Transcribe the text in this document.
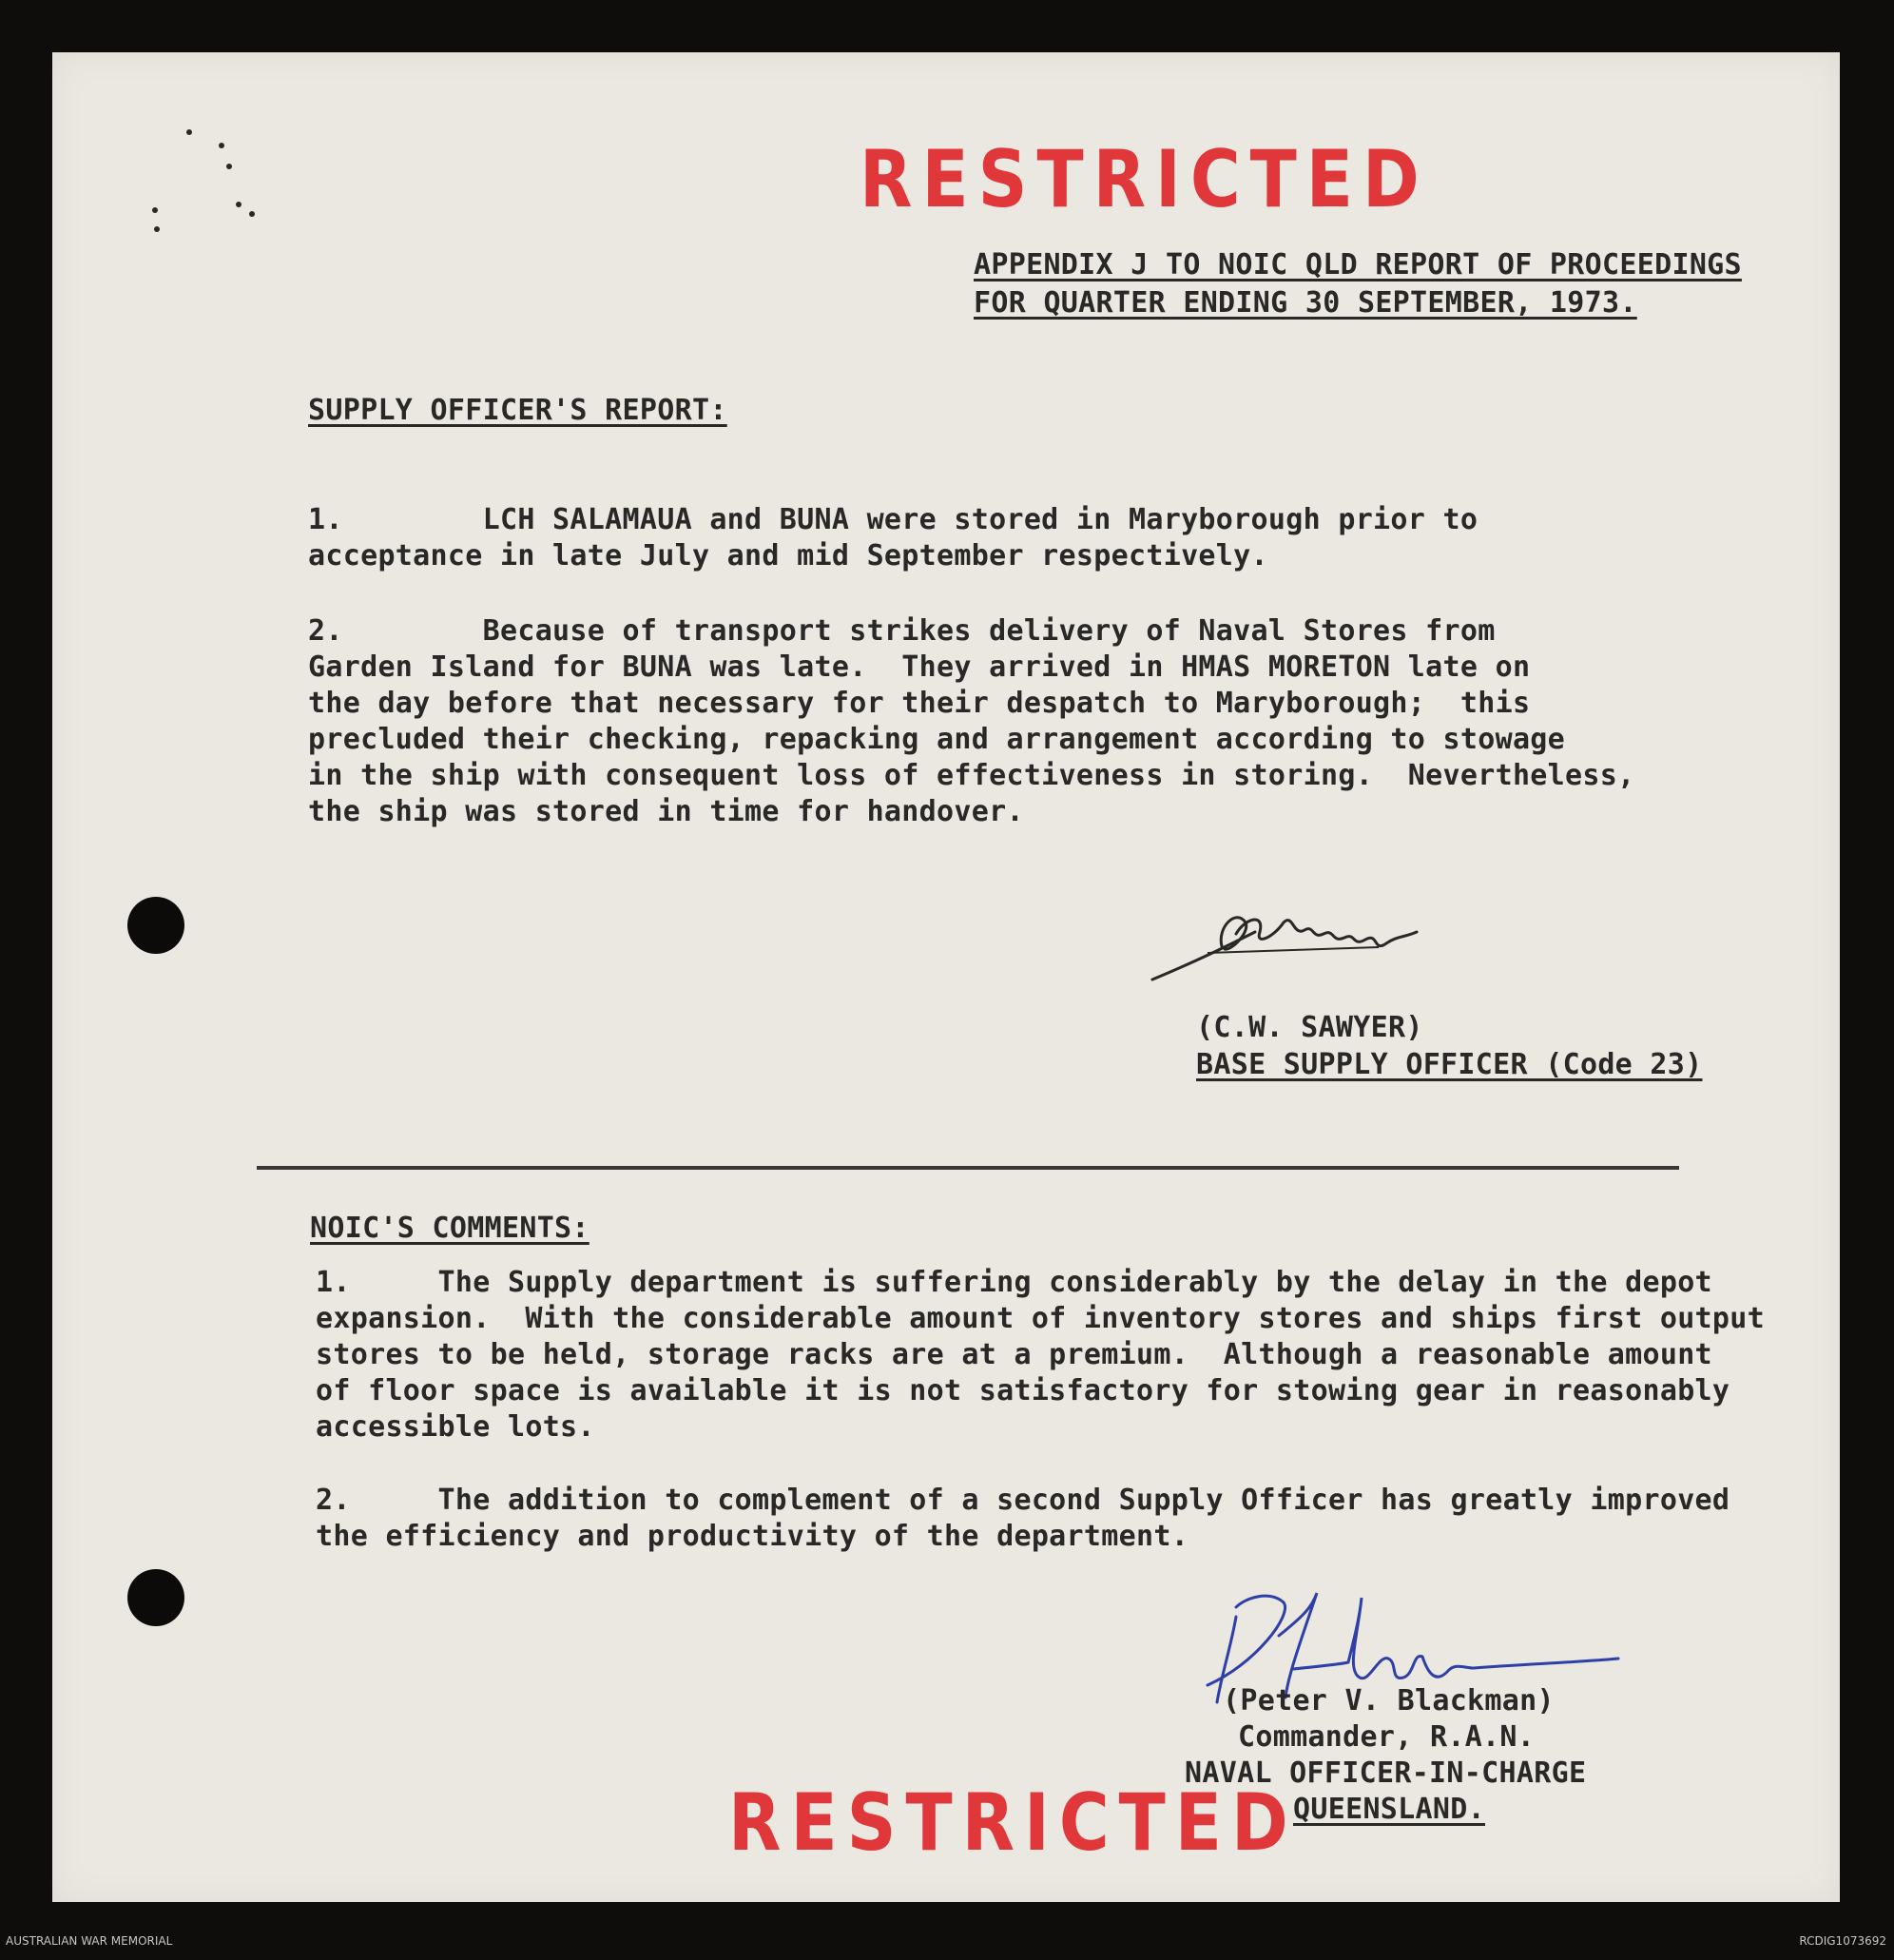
RESTRICTED
RESTRICTED

APPENDIX J TO NOIC QLD REPORT OF PROCEEDINGS

FOR QUARTER ENDING 30 SEPTEMBER, 1973.

SUPPLY OFFICER'S REPORT:

1.        LCH SALAMAUA and BUNA were stored in Maryborough prior to

acceptance in late July and mid September respectively.

2.        Because of transport strikes delivery of Naval Stores from

Garden Island for BUNA was late.  They arrived in HMAS MORETON late on

the day before that necessary for their despatch to Maryborough;  this

precluded their checking, repacking and arrangement according to stowage

in the ship with consequent loss of effectiveness in storing.  Nevertheless,

the ship was stored in time for handover.

(C.W. SAWYER)

BASE SUPPLY OFFICER (Code 23)

NOIC'S COMMENTS:

1.     The Supply department is suffering considerably by the delay in the depot

expansion.  With the considerable amount of inventory stores and ships first output

stores to be held, storage racks are at a premium.  Although a reasonable amount

of floor space is available it is not satisfactory for stowing gear in reasonably

accessible lots.

2.     The addition to complement of a second Supply Officer has greatly improved

the efficiency and productivity of the department.

(Peter V. Blackman)

Commander, R.A.N.

NAVAL OFFICER-IN-CHARGE

QUEENSLAND.

AUSTRALIAN WAR MEMORIAL	RCDIG1073692
